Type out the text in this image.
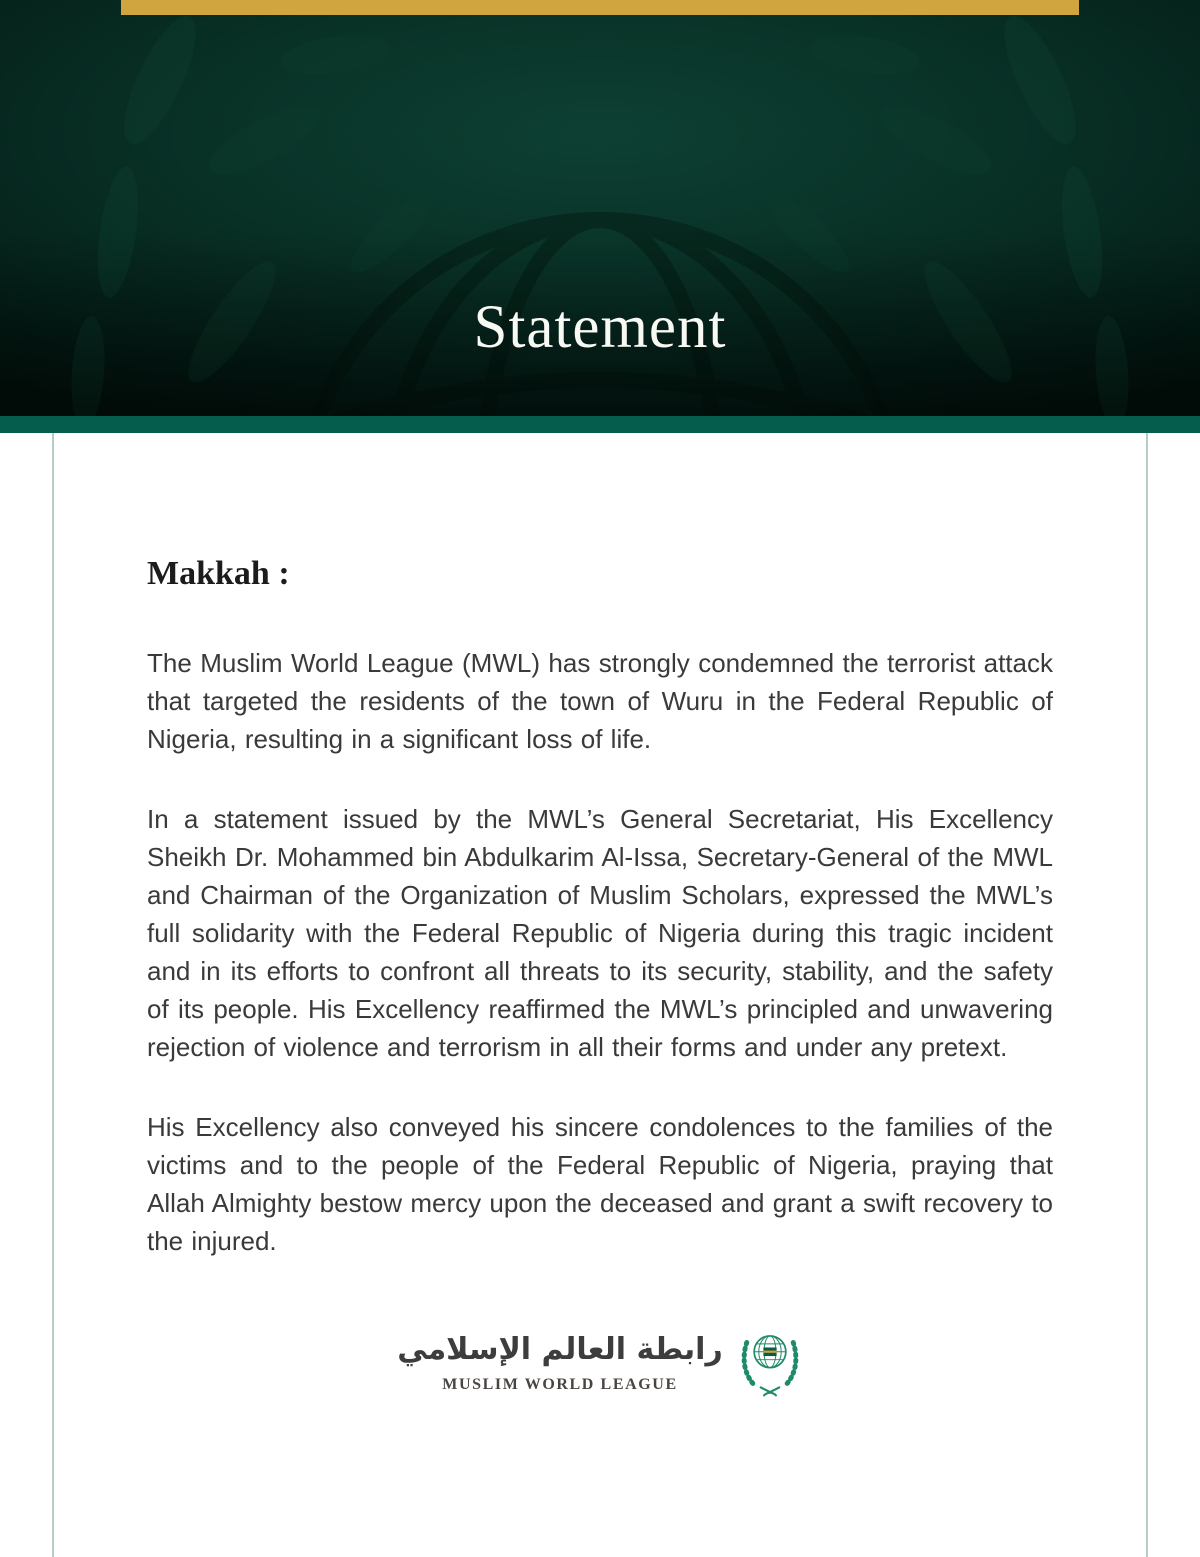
Statement
Makkah :

The Muslim World League (MWL) has strongly condemned the terrorist attack that targeted the residents of the town of Wuru in the Federal Republic of Nigeria, resulting in a significant loss of life.

In a statement issued by the MWL’s General Secretariat, His Excellency Sheikh Dr. Mohammed bin Abdulkarim Al-Issa, Secretary-General of the MWL and Chairman of the Organization of Muslim Scholars, expressed the MWL’s full solidarity with the Federal Republic of Nigeria during this tragic incident and in its efforts to confront all threats to its security, stability, and the safety of its people. His Excellency reaffirmed the MWL’s principled and unwavering rejection of violence and terrorism in all their forms and under any pretext.

His Excellency also conveyed his sincere condolences to the families of the victims and to the people of the Federal Republic of Nigeria, praying that Allah Almighty bestow mercy upon the deceased and grant a swift recovery to the injured.

رابطة العالم الإسلامي
MUSLIM WORLD LEAGUE
